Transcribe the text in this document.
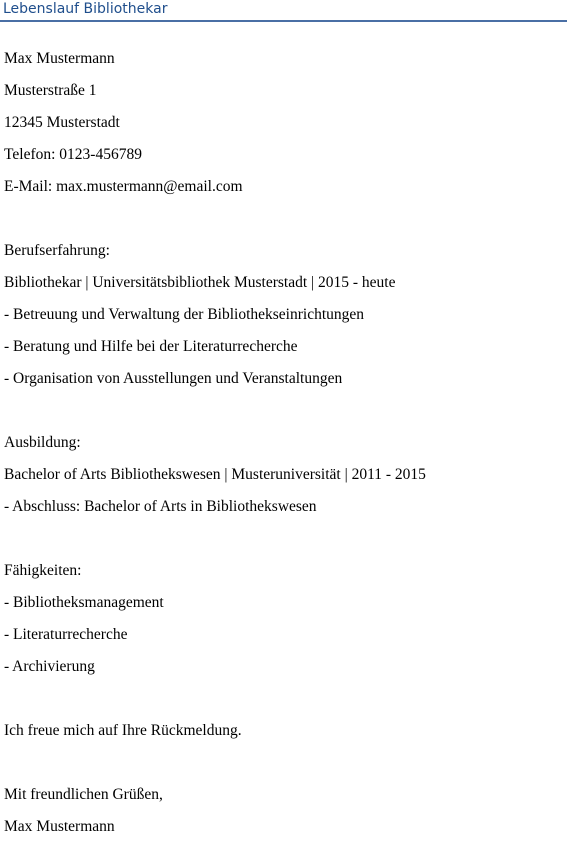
Lebenslauf Bibliothekar
Max Mustermann
Musterstraße 1
12345 Musterstadt
Telefon: 0123-456789
E-Mail: max.mustermann@email.com
Berufserfahrung:
Bibliothekar | Universitätsbibliothek Musterstadt | 2015 - heute
- Betreuung und Verwaltung der Bibliothekseinrichtungen
- Beratung und Hilfe bei der Literaturrecherche
- Organisation von Ausstellungen und Veranstaltungen
Ausbildung:
Bachelor of Arts Bibliothekswesen | Musteruniversität | 2011 - 2015
- Abschluss: Bachelor of Arts in Bibliothekswesen
Fähigkeiten:
- Bibliotheksmanagement
- Literaturrecherche
- Archivierung
Ich freue mich auf Ihre Rückmeldung.
Mit freundlichen Grüßen,
Max Mustermann
